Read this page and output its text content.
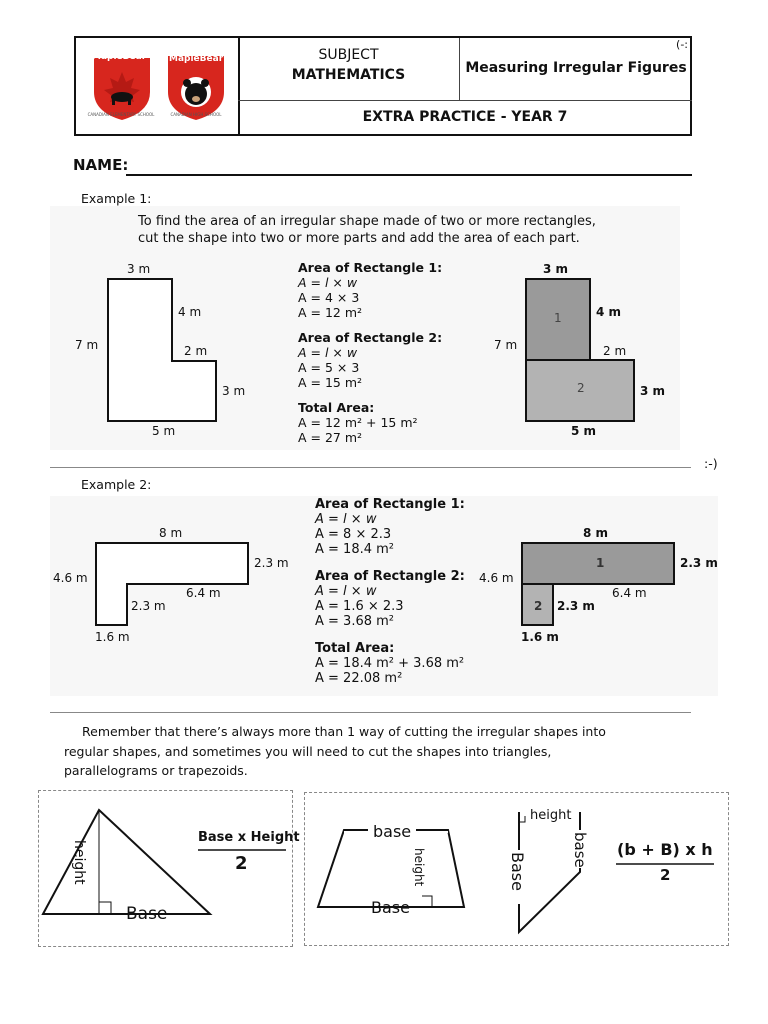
MapleBear
CANADIAN ELEMENTARY SCHOOL
MapleBear
CANADIAN HIGH SCHOOL
SUBJECT
MATHEMATICS
(-:
Measuring Irregular Figures
EXTRA PRACTICE - YEAR 7
NAME:
Example 1:
To find the area of an irregular shape made of two or more rectangles,
cut the shape into two or more parts and add the area of each part.
3 m
4 m
7 m	2 m
3 m
5 m
Area of Rectangle 1:
A = l × w
A = 4 × 3
A = 12 m²
Area of Rectangle 2:
A = l × w
A = 5 × 3
A = 15 m²
Total Area:
A = 12 m² + 15 m²
A = 27 m²
3 m
4 m
7 m	2 m
3 m
5 m
1
2
:-)
Example 2:
8 m
2.3 m
4.6 m
6.4 m
2.3 m
1.6 m
Area of Rectangle 1:
A = l × w
A = 8 × 2.3
A = 18.4 m²
Area of Rectangle 2:
A = l × w
A = 1.6 × 2.3
A = 3.68 m²
Total Area:
A = 18.4 m² + 3.68 m²
A = 22.08 m²
8 m
2.3 m
4.6 m
6.4 m
2.3 m
1.6 m
1
2
Remember that there’s always more than 1 way of cutting the irregular shapes into
regular shapes, and sometimes you will need to cut the shapes into triangles,
parallelograms or trapezoids.
height
Base
Base x Height
2
base
height
Base
height
base
Base
(b + B) x h
2
